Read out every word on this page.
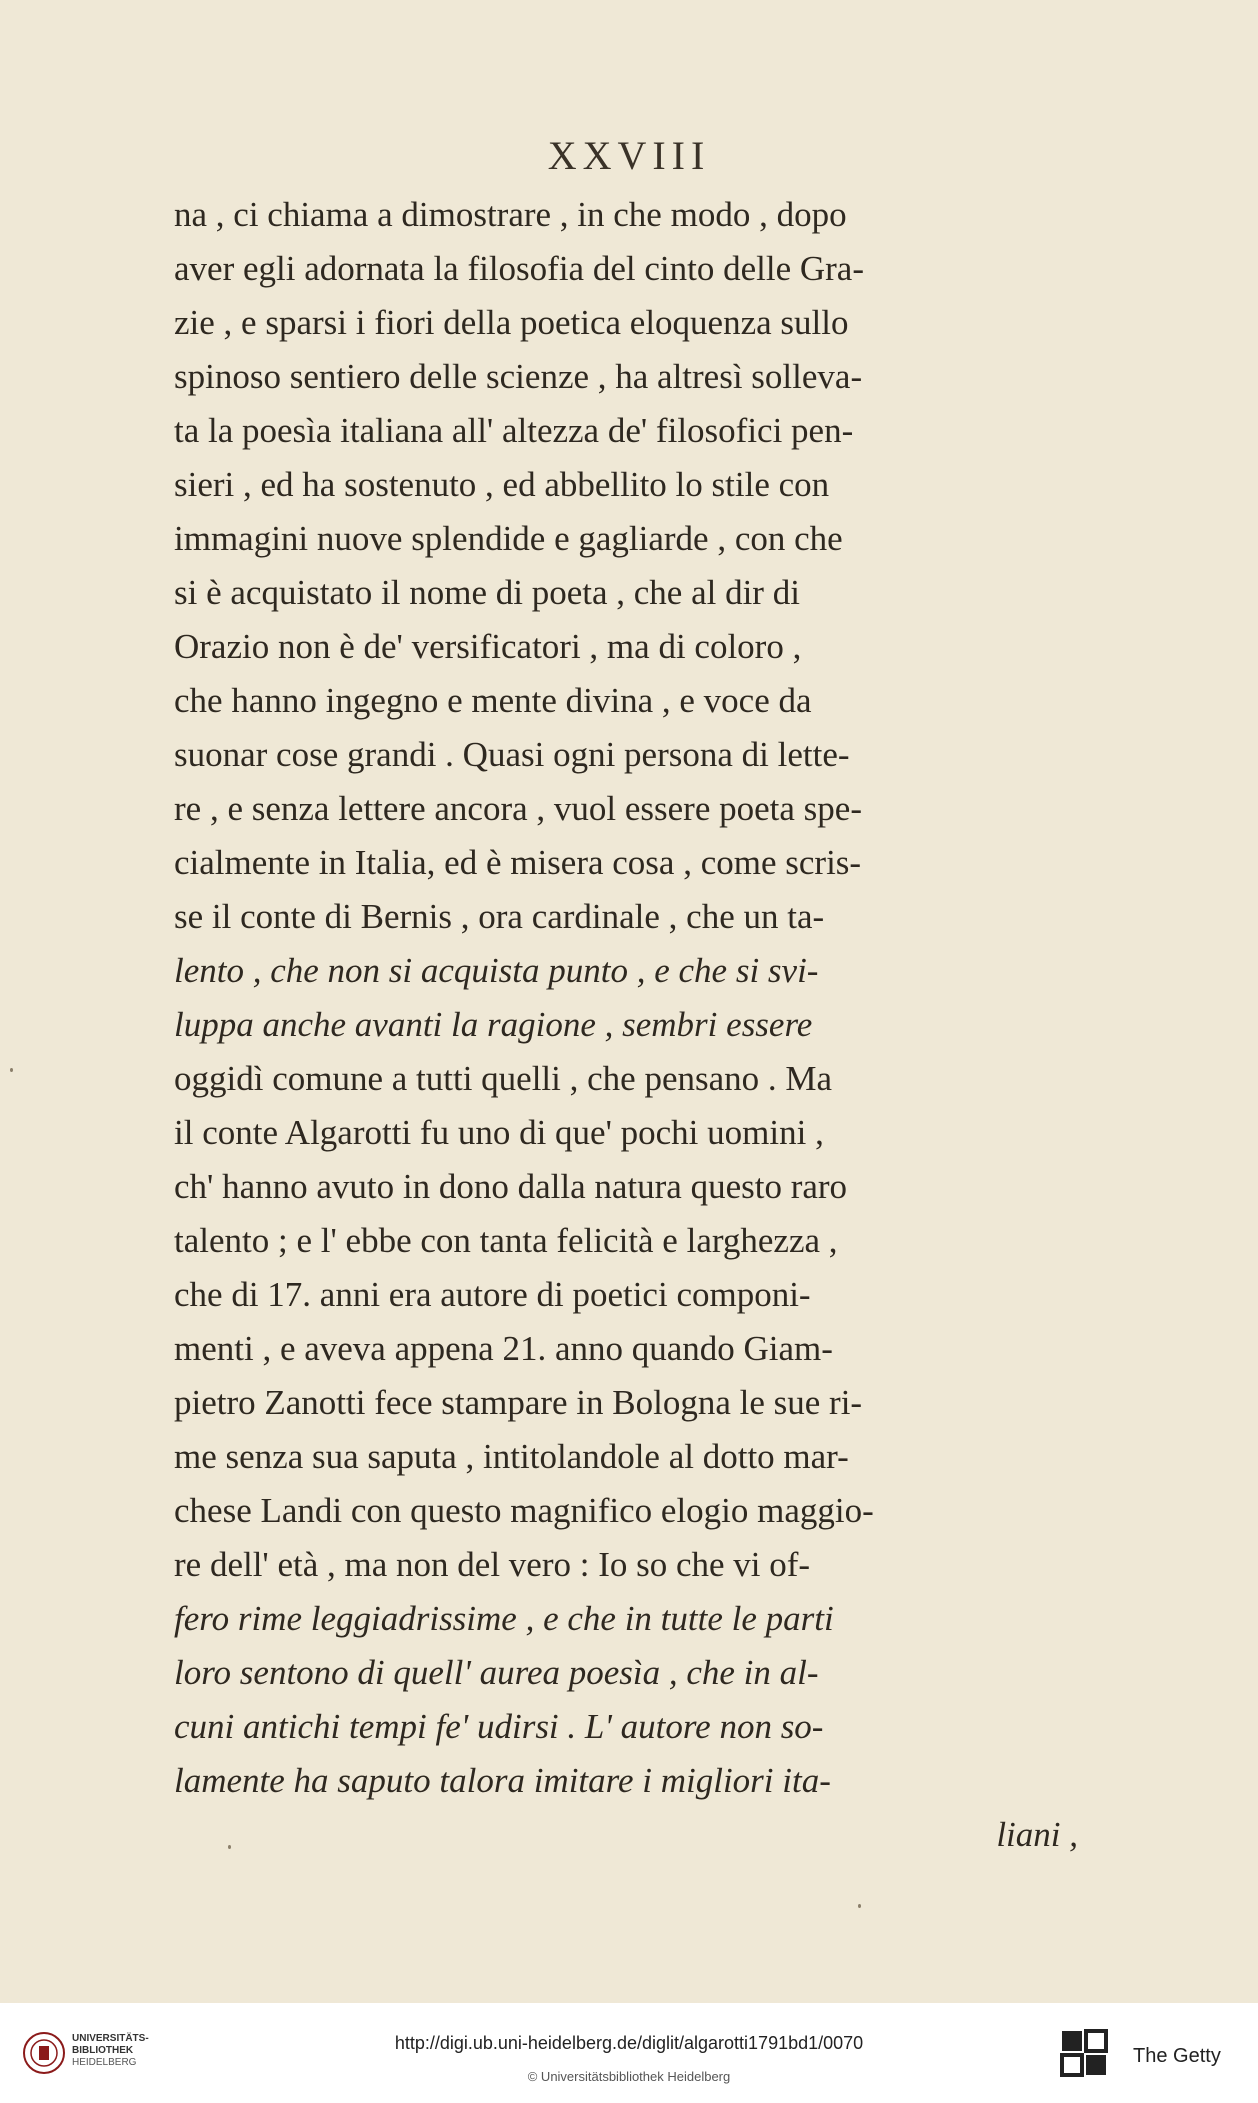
XXVIII
na , ci chiama a dimostrare , in che modo , dopo
aver egli adornata la filosofia del cinto delle Gra-
zie , e sparsi i fiori della poetica eloquenza sullo
spinoso sentiero delle scienze , ha altresì solleva-
ta la poesìa italiana all' altezza de' filosofici pen-
sieri , ed ha sostenuto , ed abbellito lo stile con
immagini nuove splendide e gagliarde , con che
si è acquistato il nome di poeta , che al dir di
Orazio non è de' versificatori , ma di coloro ,
che hanno ingegno e mente divina , e voce da
suonar cose grandi . Quasi ogni persona di lette-
re , e senza lettere ancora , vuol essere poeta spe-
cialmente in Italia, ed è misera cosa , come scris-
se il conte di Bernis , ora cardinale , che un ta-
lento , che non si acquista punto , e che si svi-
luppa anche avanti la ragione , sembri essere
oggidì comune a tutti quelli , che pensano . Ma
il conte Algarotti fu uno di que' pochi uomini ,
ch' hanno avuto in dono dalla natura questo raro
talento ; e l' ebbe con tanta felicità e larghezza ,
che di 17. anni era autore di poetici componi-
menti , e aveva appena 21. anno quando Giam-
pietro Zanotti fece stampare in Bologna le sue ri-
me senza sua saputa , intitolandole al dotto mar-
chese Landi con questo magnifico elogio maggio-
re dell' età , ma non del vero : Io so che vi of-
fero rime leggiadrissime , e che in tutte le parti
loro sentono di quell' aurea poesìa , che in al-
cuni antichi tempi fe' udirsi . L' autore non so-
lamente ha saputo talora imitare i migliori ita-
liani ,
UNIVERSITÄTS-
BIBLIOTHEK
HEIDELBERG
http://digi.ub.uni-heidelberg.de/diglit/algarotti1791bd1/0070
© Universitätsbibliothek Heidelberg
The Getty
